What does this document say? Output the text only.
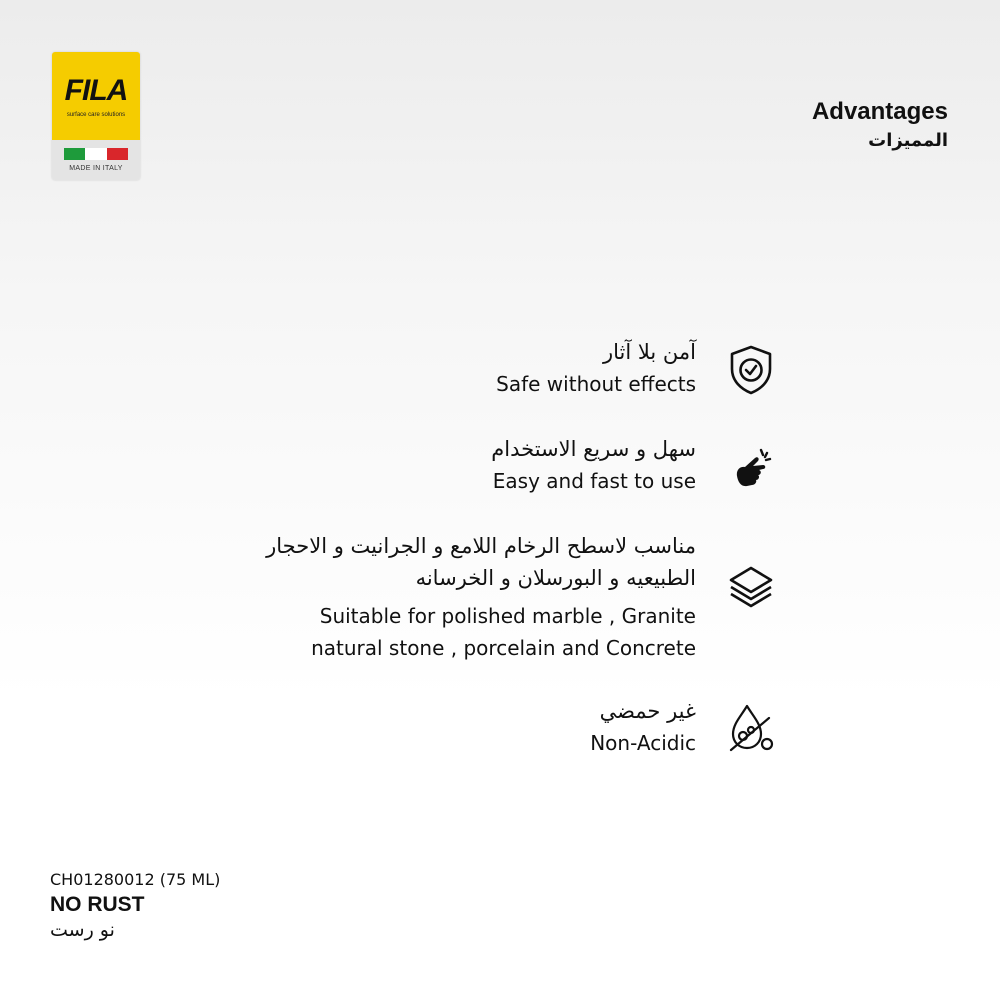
FILA
surface care solutions
MADE IN ITALY
Advantages
المميزات
آمن بلا آثار
Safe without effects
سهل و سريع الاستخدام
Easy and fast to use
مناسب لاسطح الرخام اللامع و الجرانيت و الاحجار
الطبيعيه و البورسلان و الخرسانه
Suitable for polished marble , Granite
natural stone , porcelain and Concrete
غير حمضي
Non-Acidic
CH01280012 (75 ML)
NO RUST
نو رست
